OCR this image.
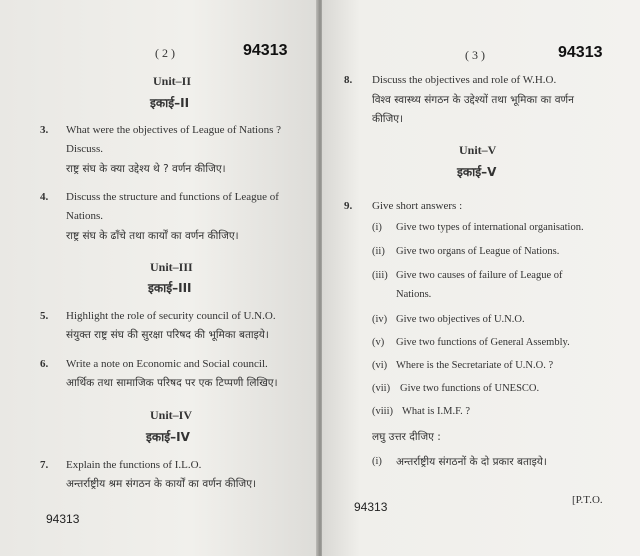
( 2 )	94313
Unit–II
इकाई–II
3. What were the objectives of League of Nations ?
Discuss.
राष्ट्र संघ के क्या उद्देश्य थे ? वर्णन कीजिए।
4. Discuss the structure and functions of League of
Nations.
राष्ट्र संघ के ढाँचे तथा कार्यों का वर्णन कीजिए।
Unit–III
इकाई–III
5. Highlight the role of security council of U.N.O.
संयुक्त राष्ट्र संघ की सुरक्षा परिषद की भूमिका बताइये।
6. Write a note on Economic and Social council.
आर्थिक तथा सामाजिक परिषद पर एक टिप्पणी लिखिए।
Unit–IV
इकाई–IV
7. Explain the functions of I.L.O.
अन्तर्राष्ट्रीय श्रम संगठन के कार्यों का वर्णन कीजिए।
94313
( 3 )	94313
8. Discuss the objectives and role of W.H.O.
विश्व स्वास्थ्य संगठन के उद्देश्यों तथा भूमिका का वर्णन
कीजिए।
Unit–V
इकाई–V
9. Give short answers :
(i) Give two types of international organisation.
(ii) Give two organs of League of Nations.
(iii) Give two causes of failure of League of
Nations.
(iv) Give two objectives of U.N.O.
(v) Give two functions of General Assembly.
(vi) Where is the Secretariate of U.N.O. ?
(vii) Give two functions of UNESCO.
(viii) What is I.M.F. ?
लघु उत्तर दीजिए :
(i) अन्तर्राष्ट्रीय संगठनों के दो प्रकार बताइये।
94313	[P.T.O.
